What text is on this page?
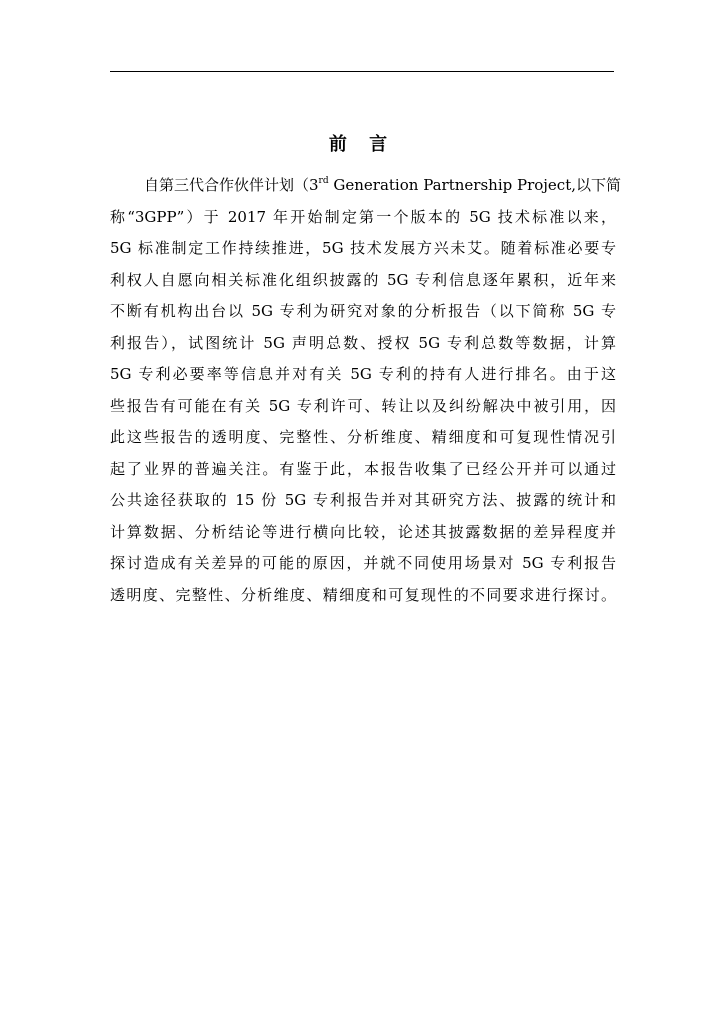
前 言
自第三代合作伙伴计划（3rd Generation Partnership Project,以下简
称“3GPP”）于 2017 年开始制定第一个版本的 5G 技术标准以来，
5G 标准制定工作持续推进，5G 技术发展方兴未艾。随着标准必要专
利权人自愿向相关标准化组织披露的 5G 专利信息逐年累积，近年来
不断有机构出台以 5G 专利为研究对象的分析报告（以下简称 5G 专
利报告），试图统计 5G 声明总数、授权 5G 专利总数等数据，计算
5G 专利必要率等信息并对有关 5G 专利的持有人进行排名。由于这
些报告有可能在有关 5G 专利许可、转让以及纠纷解决中被引用，因
此这些报告的透明度、完整性、分析维度、精细度和可复现性情况引
起了业界的普遍关注。有鉴于此，本报告收集了已经公开并可以通过
公共途径获取的 15 份 5G 专利报告并对其研究方法、披露的统计和
计算数据、分析结论等进行横向比较，论述其披露数据的差异程度并
探讨造成有关差异的可能的原因，并就不同使用场景对 5G 专利报告
透明度、完整性、分析维度、精细度和可复现性的不同要求进行探讨。
